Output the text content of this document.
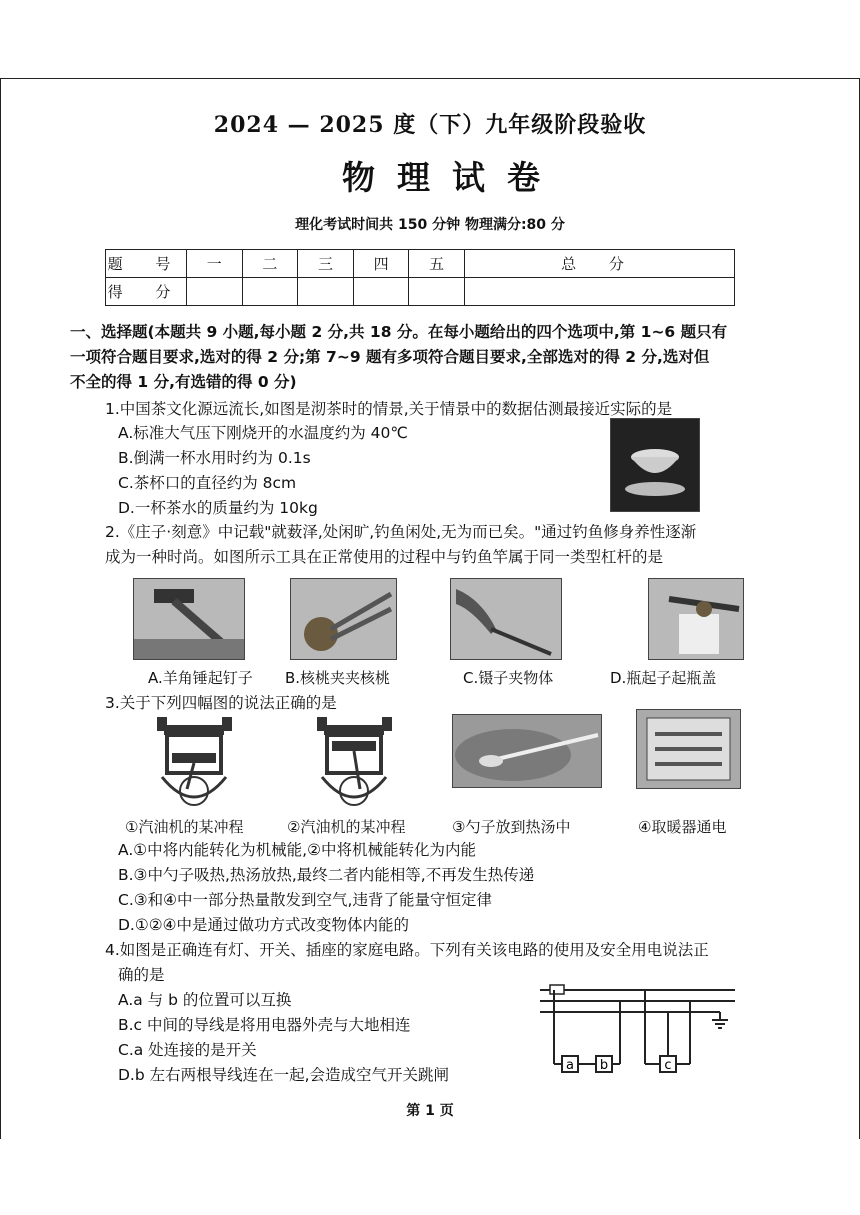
2024 — 2025 度（下）九年级阶段验收
物理试卷
理化考试时间共 150 分钟 物理满分:80 分
题 号	一	二	三	四	五	总 分
得 分						
一、选择题(本题共 9 小题,每小题 2 分,共 18 分。在每小题给出的四个选项中,第 1~6 题只有
一项符合题目要求,选对的得 2 分;第 7~9 题有多项符合题目要求,全部选对的得 2 分,选对但
不全的得 1 分,有选错的得 0 分)
1.中国茶文化源远流长,如图是沏茶时的情景,关于情景中的数据估测最接近实际的是
A.标准大气压下刚烧开的水温度约为 40℃
B.倒满一杯水用时约为 0.1s
C.茶杯口的直径约为 8cm
D.一杯茶水的质量约为 10kg
2.《庄子·刻意》中记载"就薮泽,处闲旷,钓鱼闲处,无为而已矣。"通过钓鱼修身养性逐渐
成为一种时尚。如图所示工具在正常使用的过程中与钓鱼竿属于同一类型杠杆的是
A.羊角锤起钉子 B.核桃夹夹核桃	C.镊子夹物体	D.瓶起子起瓶盖
3.关于下列四幅图的说法正确的是
①汽油机的某冲程	②汽油机的某冲程	③勺子放到热汤中	④取暖器通电
A.①中将内能转化为机械能,②中将机械能转化为内能
B.③中勺子吸热,热汤放热,最终二者内能相等,不再发生热传递
C.③和④中一部分热量散发到空气,违背了能量守恒定律
D.①②④中是通过做功方式改变物体内能的
4.如图是正确连有灯、开关、插座的家庭电路。下列有关该电路的使用及安全用电说法正
确的是
A.a 与 b 的位置可以互换
B.c 中间的导线是将用电器外壳与大地相连
C.a 处连接的是开关
D.b 左右两根导线连在一起,会造成空气开关跳闸
a b	c
第 1 页
